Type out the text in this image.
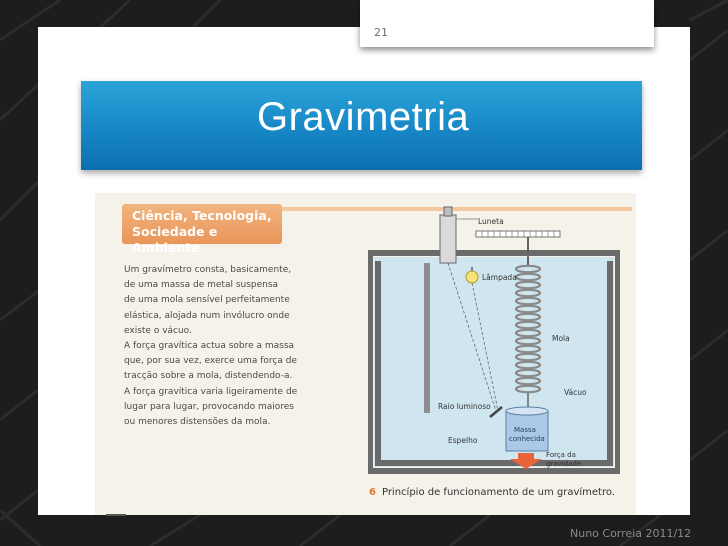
21
Gravimetria
Ciência, Tecnologia,
Sociedade e Ambiente
Um gravímetro consta, basicamente,
de uma massa de metal suspensa
de uma mola sensível perfeitamente
elástica, alojada num invólucro onde
existe o vácuo.
A força gravítica actua sobre a massa
que, por sua vez, exerce uma força de
tracção sobre a mola, distendendo-a.
A força gravítica varia ligeiramente de
lugar para lugar, provocando maiores
ou menores distensões da mola.
Luneta
Lâmpada
Mola
Vácuo
Raio luminoso
Espelho
Massa
conhecida
Força da
gravidade
6 Princípio de funcionamento de um gravímetro.
Nuno Correia 2011/12
